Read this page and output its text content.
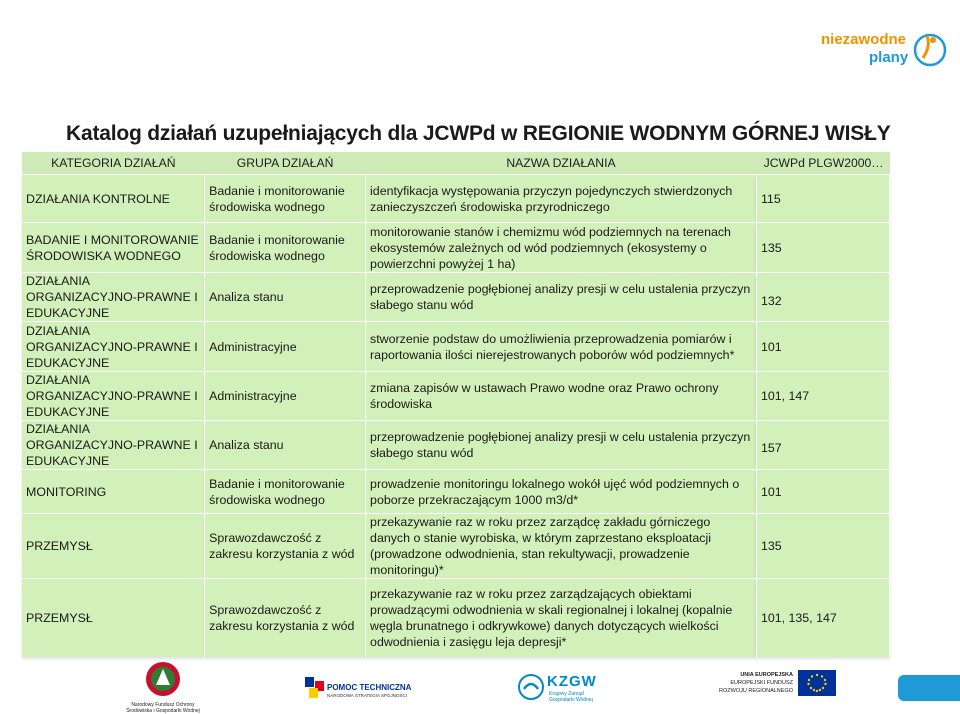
niezawodne
plany
Katalog działań uzupełniających dla JCWPd w REGIONIE WODNYM GÓRNEJ WISŁY
KATEGORIA DZIAŁAŃ	GRUPA DZIAŁAŃ	NAZWA DZIAŁANIA	JCWPd PLGW2000…
DZIAŁANIA KONTROLNE	Badanie i monitorowanie środowiska wodnego	identyfikacja występowania przyczyn pojedynczych stwierdzonych zanieczyszczeń środowiska przyrodniczego	115
BADANIE I MONITOROWANIE ŚRODOWISKA WODNEGO	Badanie i monitorowanie środowiska wodnego	monitorowanie stanów i chemizmu wód podziemnych na terenach ekosystemów zależnych od wód podziemnych (ekosystemy o powierzchni powyżej 1 ha)	135
DZIAŁANIA ORGANIZACYJNO-PRAWNE I EDUKACYJNE	Analiza stanu	przeprowadzenie pogłębionej analizy presji w celu ustalenia przyczyn słabego stanu wód	132
DZIAŁANIA ORGANIZACYJNO-PRAWNE I EDUKACYJNE	Administracyjne	stworzenie podstaw do umożliwienia przeprowadzenia pomiarów i raportowania ilości nierejestrowanych poborów wód podziemnych*	101
DZIAŁANIA ORGANIZACYJNO-PRAWNE I EDUKACYJNE	Administracyjne	zmiana zapisów w ustawach Prawo wodne oraz Prawo ochrony środowiska	101, 147
DZIAŁANIA ORGANIZACYJNO-PRAWNE I EDUKACYJNE	Analiza stanu	przeprowadzenie pogłębionej analizy presji w celu ustalenia przyczyn słabego stanu wód	157
MONITORING	Badanie i monitorowanie środowiska wodnego	prowadzenie monitoringu lokalnego wokół ujęć wód podziemnych o poborze przekraczającym 1000 m3/d*	101
PRZEMYSŁ	Sprawozdawczość z zakresu korzystania z wód	przekazywanie raz w roku przez zarządcę zakładu górniczego danych o stanie wyrobiska, w którym zaprzestano eksploatacji (prowadzone odwodnienia, stan rekultywacji, prowadzenie monitoringu)*	135
PRZEMYSŁ	Sprawozdawczość z zakresu korzystania z wód	przekazywanie raz w roku przez zarządzających obiektami prowadzącymi odwodnienia w skali regionalnej i lokalnej (kopalnie węgla brunatnego i odkrywkowe) danych dotyczących wielkości odwodnienia i zasięgu leja depresji*	101, 135, 147
Narodowy Fundusz Ochrony
Środowiska i Gospodarki Wodnej
POMOC TECHNICZNA
NARODOWA STRATEGIA SPÓJNOŚCI
KZGW
Krajowy Zarząd
Gospodarki Wodnej
UNIA EUROPEJSKA
EUROPEJSKI FUNDUSZ
ROZWOJU REGIONALNEGO
